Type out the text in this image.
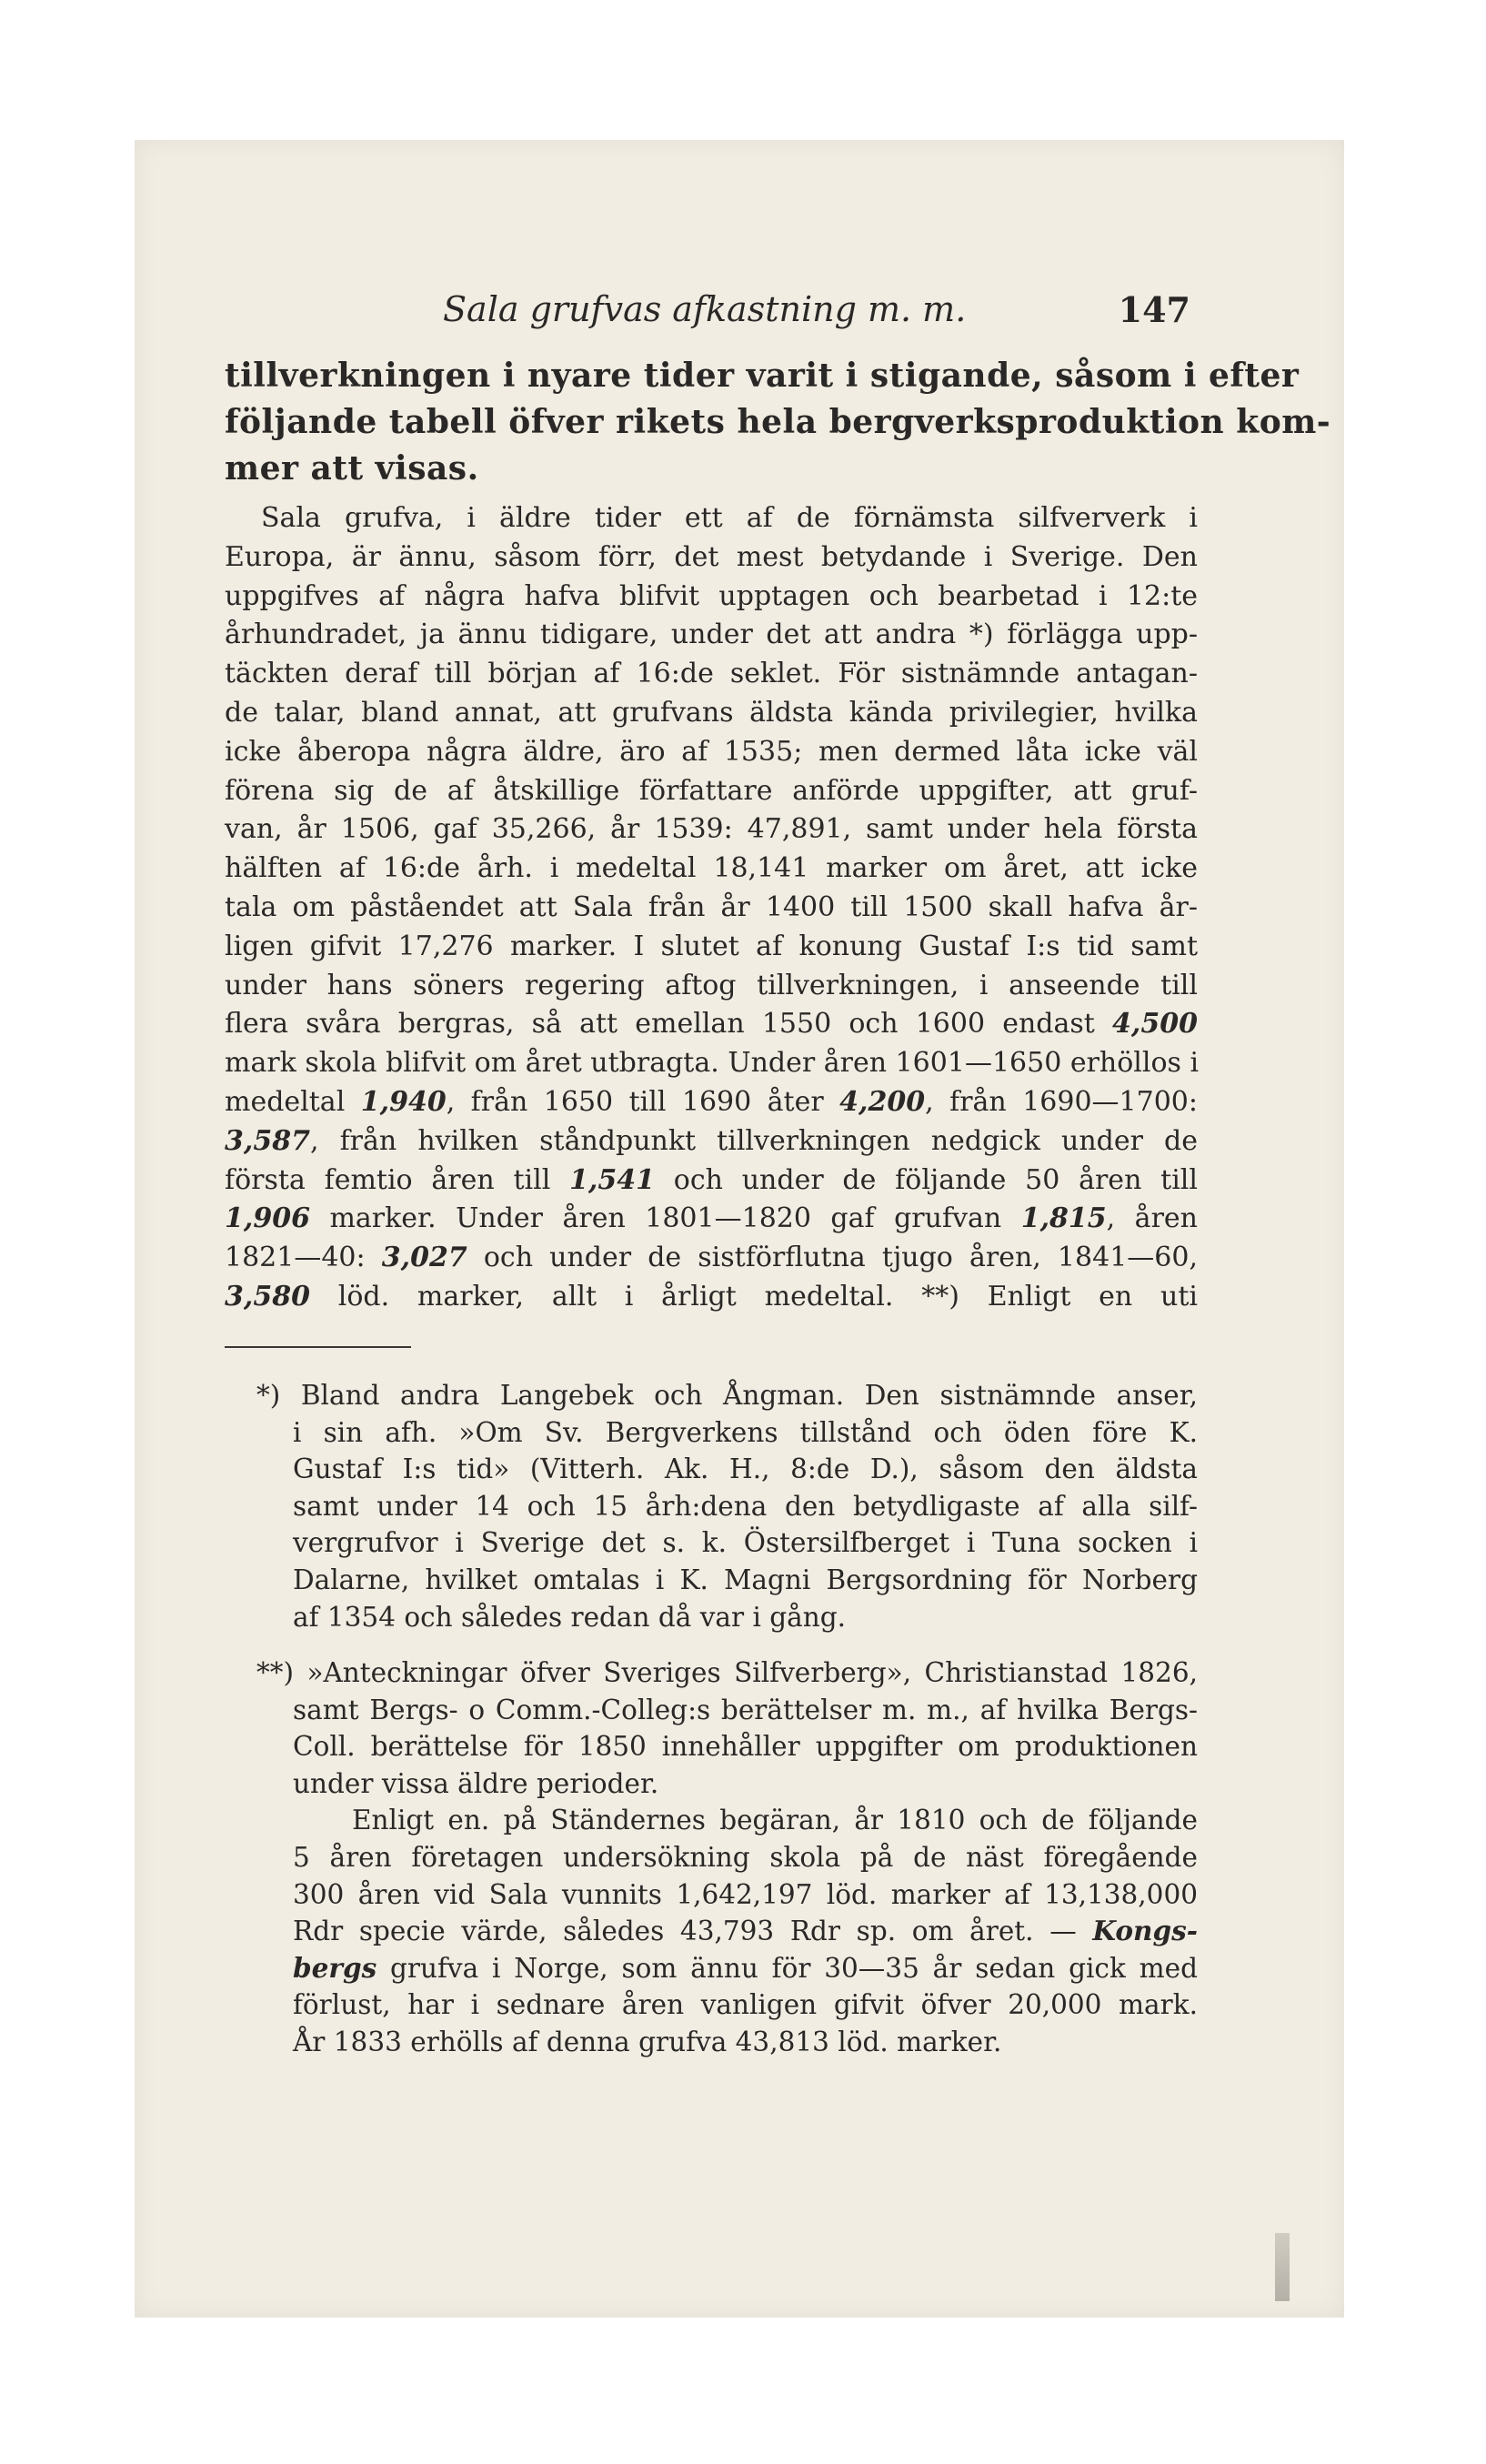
Sala grufvas afkastning m. m.	147
tillverkningen i nyare tider varit i stigande, såsom i efter
följande tabell öfver rikets hela bergverksproduktion kom-
mer att visas.
Sala grufva, i äldre tider ett af de förnämsta silfververk i
Europa, är ännu, såsom förr, det mest betydande i Sverige. Den
uppgifves af några hafva blifvit upptagen och bearbetad i 12:te
århundradet, ja ännu tidigare, under det att andra *) förlägga upp-
täckten deraf till början af 16:de seklet. För sistnämnde antagan-
de talar, bland annat, att grufvans äldsta kända privilegier, hvilka
icke åberopa några äldre, äro af 1535; men dermed låta icke väl
förena sig de af åtskillige författare anförde uppgifter, att gruf-
van, år 1506, gaf 35,266, år 1539: 47,891, samt under hela första
hälften af 16:de årh. i medeltal 18,141 marker om året, att icke
tala om påståendet att Sala från år 1400 till 1500 skall hafva år-
ligen gifvit 17,276 marker. I slutet af konung Gustaf I:s tid samt
under hans söners regering aftog tillverkningen, i anseende till
flera svåra bergras, så att emellan 1550 och 1600 endast 4,500
mark skola blifvit om året utbragta. Under åren 1601—1650 erhöllos i
medeltal 1,940, från 1650 till 1690 åter 4,200, från 1690—1700:
3,587, från hvilken ståndpunkt tillverkningen nedgick under de
första femtio åren till 1,541 och under de följande 50 åren till
1,906 marker. Under åren 1801—1820 gaf grufvan 1,815, åren
1821—40: 3,027 och under de sistförflutna tjugo åren, 1841—60,
3,580 löd. marker, allt i årligt medeltal. **) Enligt en uti
*) Bland andra Langebek och Ångman. Den sistnämnde anser,
i sin afh. »Om Sv. Bergverkens tillstånd och öden före K.
Gustaf I:s tid» (Vitterh. Ak. H., 8:de D.), såsom den äldsta
samt under 14 och 15 årh:dena den betydligaste af alla silf-
vergrufvor i Sverige det s. k. Östersilfberget i Tuna socken i
Dalarne, hvilket omtalas i K. Magni Bergsordning för Norberg
af 1354 och således redan då var i gång.
**) »Anteckningar öfver Sveriges Silfverberg», Christianstad 1826,
samt Bergs- o Comm.-Colleg:s berättelser m. m., af hvilka Bergs-
Coll. berättelse för 1850 innehåller uppgifter om produktionen
under vissa äldre perioder.
Enligt en. på Ständernes begäran, år 1810 och de följande
5 åren företagen undersökning skola på de näst föregående
300 åren vid Sala vunnits 1,642,197 löd. marker af 13,138,000
Rdr specie värde, således 43,793 Rdr sp. om året. — Kongs-
bergs grufva i Norge, som ännu för 30—35 år sedan gick med
förlust, har i sednare åren vanligen gifvit öfver 20,000 mark.
År 1833 erhölls af denna grufva 43,813 löd. marker.
